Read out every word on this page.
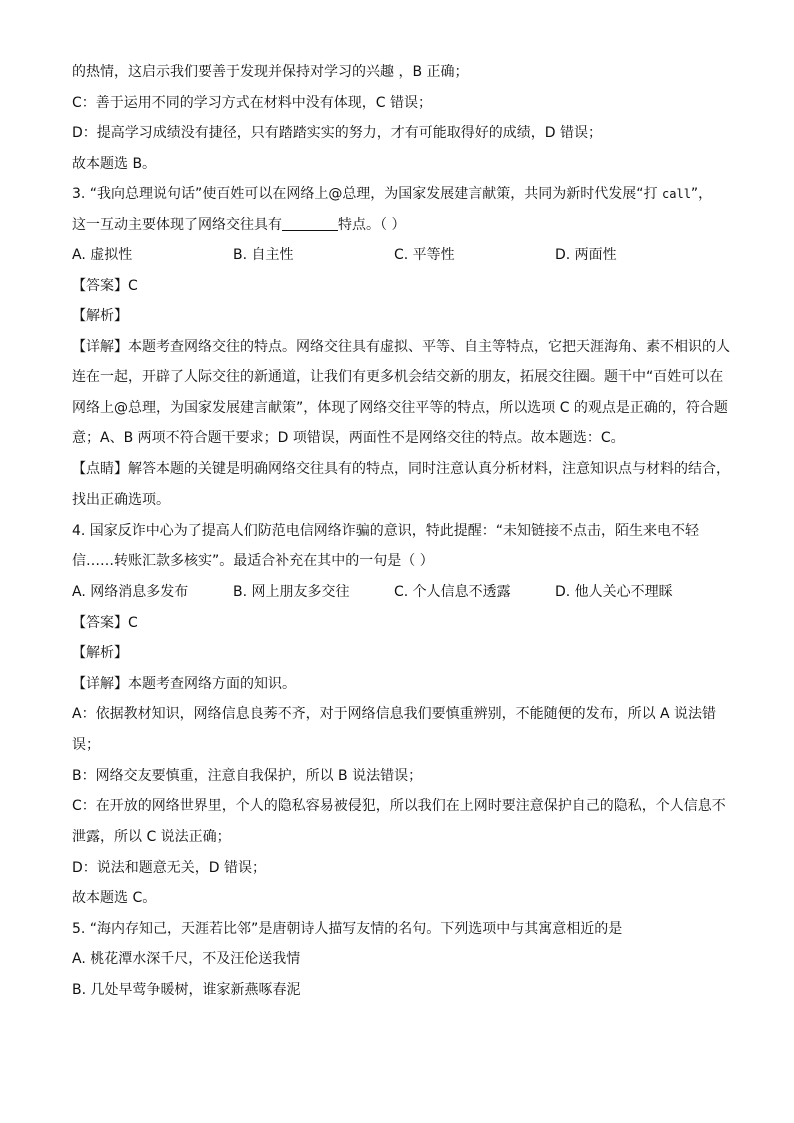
的热情，这启示我们要善于发现并保持对学习的兴趣 ，B 正确；
C：善于运用不同的学习方式在材料中没有体现，C 错误；
D：提高学习成绩没有捷径，只有踏踏实实的努力，才有可能取得好的成绩，D 错误；
故本题选 B。
3. “我向总理说句话”使百姓可以在网络上@总理，为国家发展建言献策，共同为新时代发展“打 call”，
这一互动主要体现了网络交往具有	特点。（ ）
A. 虚拟性	B. 自主性	C. 平等性	D. 两面性
【答案】C
【解析】
【详解】本题考查网络交往的特点。网络交往具有虚拟、平等、自主等特点，它把天涯海角、素不相识的人连在一起，开辟了人际交往的新通道，让我们有更多机会结交新的朋友，拓展交往圈。题干中“百姓可以在网络上@总理，为国家发展建言献策”，体现了网络交往平等的特点，所以选项 C 的观点是正确的，符合题意；A、B 两项不符合题干要求；D 项错误，两面性不是网络交往的特点。故本题选：C。
【点睛】解答本题的关键是明确网络交往具有的特点，同时注意认真分析材料，注意知识点与材料的结合，找出正确选项。
4. 国家反诈中心为了提高人们防范电信网络诈骗的意识，特此提醒：“未知链接不点击，陌生来电不轻信……转账汇款多核实”。最适合补充在其中的一句是（ ）
A. 网络消息多发布	B. 网上朋友多交往	C. 个人信息不透露	D. 他人关心不理睬
【答案】C
【解析】
【详解】本题考查网络方面的知识。
A：依据教材知识，网络信息良莠不齐，对于网络信息我们要慎重辨别，不能随便的发布，所以 A 说法错误；
B：网络交友要慎重，注意自我保护，所以 B 说法错误；
C：在开放的网络世界里，个人的隐私容易被侵犯，所以我们在上网时要注意保护自己的隐私，个人信息不泄露，所以 C 说法正确；
D：说法和题意无关，D 错误；
故本题选 C。
5. “海内存知己，天涯若比邻”是唐朝诗人描写友情的名句。下列选项中与其寓意相近的是
A. 桃花潭水深千尺，不及汪伦送我情
B. 几处早莺争暖树，谁家新燕啄春泥
